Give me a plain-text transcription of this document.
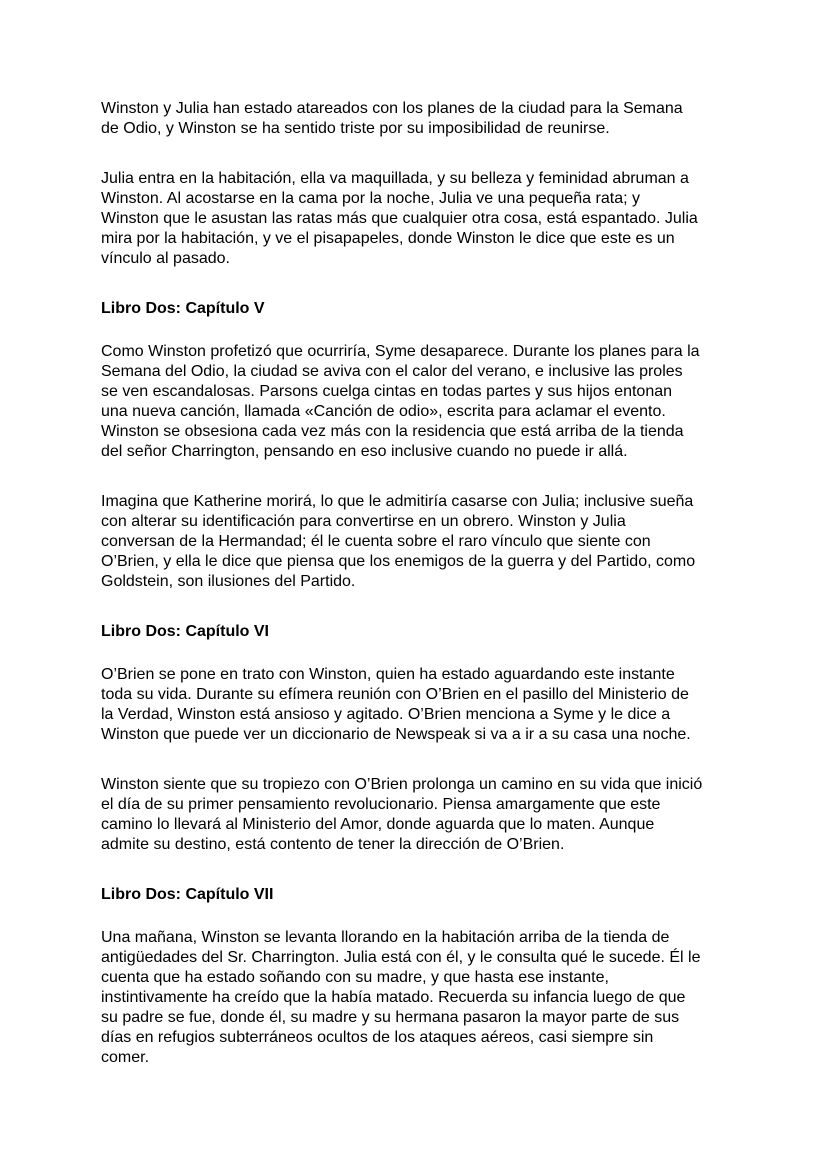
Winston y Julia han estado atareados con los planes de la ciudad para la Semana
de Odio, y Winston se ha sentido triste por su imposibilidad de reunirse.

Julia entra en la habitación, ella va maquillada, y su belleza y feminidad abruman a
Winston. Al acostarse en la cama por la noche, Julia ve una pequeña rata; y
Winston que le asustan las ratas más que cualquier otra cosa, está espantado. Julia
mira por la habitación, y ve el pisapapeles, donde Winston le dice que este es un
vínculo al pasado.

Libro Dos: Capítulo V

Como Winston profetizó que ocurriría, Syme desaparece. Durante los planes para la
Semana del Odio, la ciudad se aviva con el calor del verano, e inclusive las proles
se ven escandalosas. Parsons cuelga cintas en todas partes y sus hijos entonan
una nueva canción, llamada «Canción de odio», escrita para aclamar el evento.
Winston se obsesiona cada vez más con la residencia que está arriba de la tienda
del señor Charrington, pensando en eso inclusive cuando no puede ir allá.

Imagina que Katherine morirá, lo que le admitiría casarse con Julia; inclusive sueña
con alterar su identificación para convertirse en un obrero. Winston y Julia
conversan de la Hermandad; él le cuenta sobre el raro vínculo que siente con
O’Brien, y ella le dice que piensa que los enemigos de la guerra y del Partido, como
Goldstein, son ilusiones del Partido.

Libro Dos: Capítulo VI

O’Brien se pone en trato con Winston, quien ha estado aguardando este instante
toda su vida. Durante su efímera reunión con O’Brien en el pasillo del Ministerio de
la Verdad, Winston está ansioso y agitado. O’Brien menciona a Syme y le dice a
Winston que puede ver un diccionario de Newspeak si va a ir a su casa una noche.

Winston siente que su tropiezo con O’Brien prolonga un camino en su vida que inició
el día de su primer pensamiento revolucionario. Piensa amargamente que este
camino lo llevará al Ministerio del Amor, donde aguarda que lo maten. Aunque
admite su destino, está contento de tener la dirección de O’Brien.

Libro Dos: Capítulo VII

Una mañana, Winston se levanta llorando en la habitación arriba de la tienda de
antigüedades del Sr. Charrington. Julia está con él, y le consulta qué le sucede. Él le
cuenta que ha estado soñando con su madre, y que hasta ese instante,
instintivamente ha creído que la había matado. Recuerda su infancia luego de que
su padre se fue, donde él, su madre y su hermana pasaron la mayor parte de sus
días en refugios subterráneos ocultos de los ataques aéreos, casi siempre sin
comer.
